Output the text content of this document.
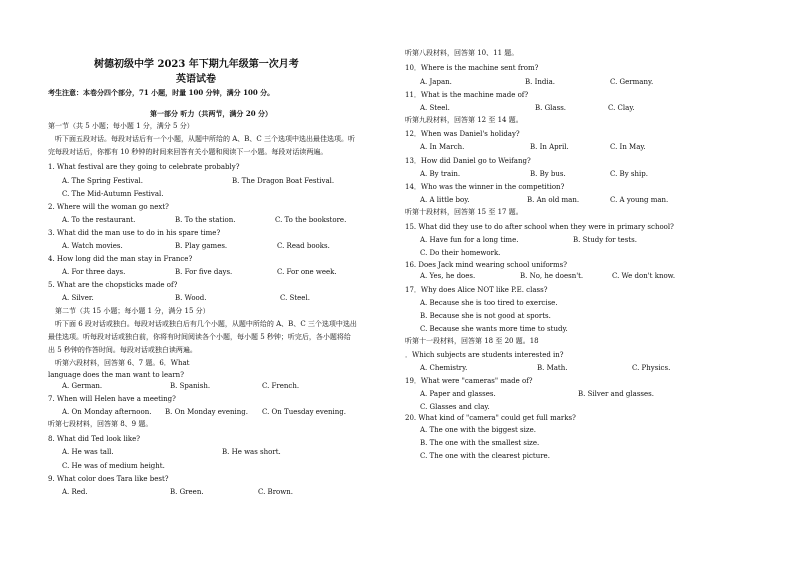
树德初级中学 2023 年下期九年级第一次月考
英语试卷
考生注意：本卷分四个部分，71 小题，时量 100 分钟，满分 100 分。
第一部分 听力（共两节，满分 20 分）
第一节（共 5 小题；每小题 1 分，满分 5 分）
听下面五段对话。每段对话后有一个小题，从题中所给的 A、B、C 三个选项中选出最佳选项。听
完每段对话后，你都有 10 秒钟的时间来回答有关小题和阅读下一小题。每段对话读两遍。
1. What festival are they going to celebrate probably?
A. The Spring Festival.	B. The Dragon Boat Festival.
C. The Mid-Autumn Festival.
2. Where will the woman go next?
A. To the restaurant.	B. To the station.	C. To the bookstore.
3. What did the man use to do in his spare time?
A. Watch movies.	B. Play games.	C. Read books.
4. How long did the man stay in France?
A. For three days.	B. For five days.	C. For one week.
5. What are the chopsticks made of?
A. Silver.	B. Wood.	C. Steel.
第二节（共 15 小题；每小题 1 分，满分 15 分）
听下面 6 段对话或独白。每段对话或独白后有几个小题，从题中所给的 A、B、C 三个选项中选出
最佳选项。听每段对话或独白前，你将有时间阅读各个小题，每小题 5 秒钟；听完后，各小题将给
出 5 秒钟的作答时间。每段对话或独白读两遍。
听第六段材料，回答第 6、7 题。6．What
language does the man want to learn?
A. German.	B. Spanish.	C. French.
7. When will Helen have a meeting?
A. On Monday afternoon. B. On Monday evening. C. On Tuesday evening.
听第七段材料，回答第 8、9 题。
8. What did Ted look like?
A. He was tall.	B. He was short.
C. He was of medium height.
9. What color does Tara like best?
A. Red.	B. Green.	C. Brown.
听第八段材料，回答第 10、11 题。
10．Where is the machine sent from?
A. Japan.	B. India.	C. Germany.
11．What is the machine made of?
A. Steel.	B. Glass.	C. Clay.
听第九段材料，回答第 12 至 14 题。
12．When was Daniel's holiday?
A. In March.	B. In April.	C. In May.
13．How did Daniel go to Weifang?
A. By train.	B. By bus.	C. By ship.
14．Who was the winner in the competition?
A. A little boy.	B. An old man.	C. A young man.
听第十段材料，回答第 15 至 17 题。
15. What did they use to do after school when they were in primary school?
A. Have fun for a long time.	B. Study for tests.
C. Do their homework.
16. Does Jack mind wearing school uniforms?
A. Yes, he does.	B. No, he doesn't.	C. We don't know.
17．Why does Alice NOT like P.E. class?
A. Because she is too tired to exercise.
B. Because she is not good at sports.
C. Because she wants more time to study.
听第十一段材料，回答第 18 至 20 题。18
．Which subjects are students interested in?
A. Chemistry.	B. Math.	C. Physics.
19．What were "cameras" made of?
A. Paper and glasses.	B. Silver and glasses.
C. Glasses and clay.
20. What kind of "camera" could get full marks?
A. The one with the biggest size.
B. The one with the smallest size.
C. The one with the clearest picture.
